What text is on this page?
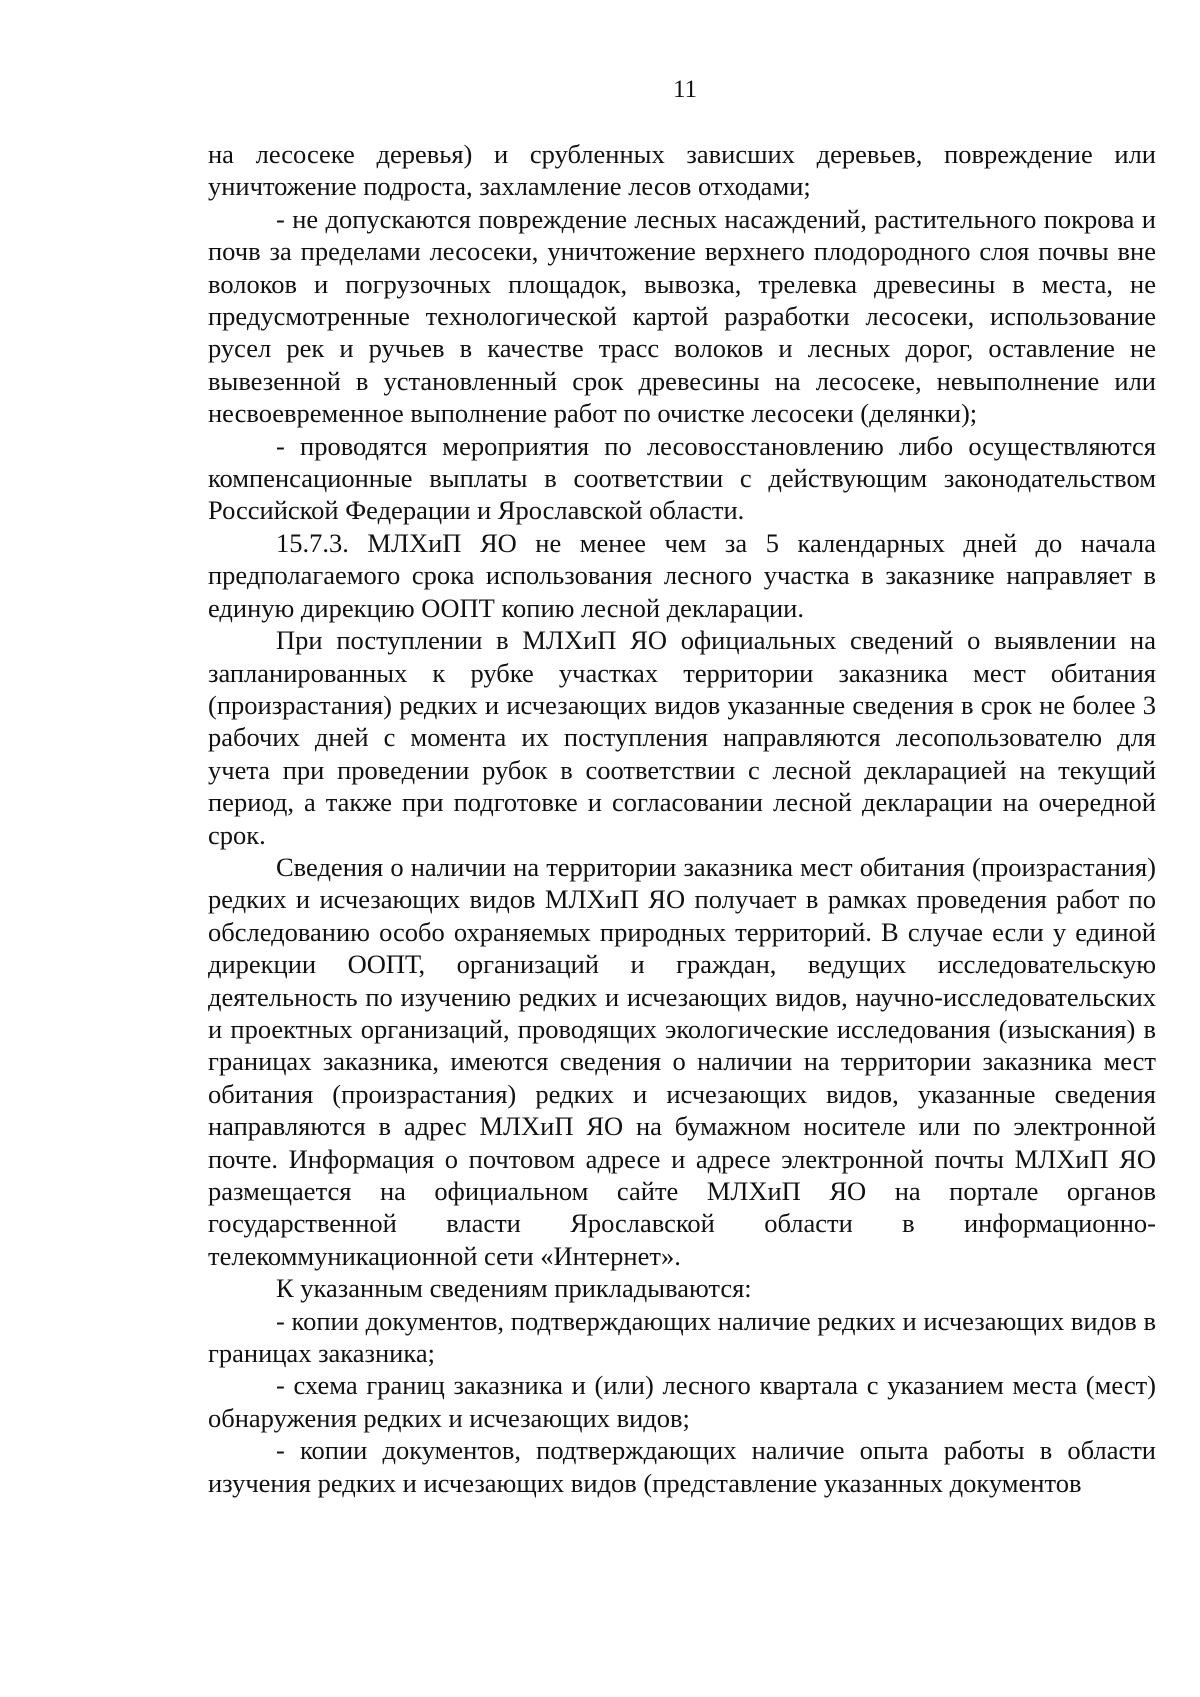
11

на лесосеке деревья) и срубленных зависших деревьев, повреждение или уничтожение подроста, захламление лесов отходами;

- не допускаются повреждение лесных насаждений, растительного покрова и почв за пределами лесосеки, уничтожение верхнего плодородного слоя почвы вне волоков и погрузочных площадок, вывозка, трелевка древесины в места, не предусмотренные технологической картой разработки лесосеки, использование русел рек и ручьев в качестве трасс волоков и лесных дорог, оставление не вывезенной в установленный срок древесины на лесосеке, невыполнение или несвоевременное выполнение работ по очистке лесосеки (делянки);

- проводятся мероприятия по лесовосстановлению либо осуществляются компенсационные выплаты в соответствии с действующим законодательством Российской Федерации и Ярославской области.

15.7.3. МЛХиП ЯО не менее чем за 5 календарных дней до начала предполагаемого срока использования лесного участка в заказнике направляет в единую дирекцию ООПТ копию лесной декларации.

При поступлении в МЛХиП ЯО официальных сведений о выявлении на запланированных к рубке участках территории заказника мест обитания (произрастания) редких и исчезающих видов указанные сведения в срок не более 3 рабочих дней с момента их поступления направляются лесопользователю для учета при проведении рубок в соответствии с лесной декларацией на текущий период, а также при подготовке и согласовании лесной декларации на очередной срок.

Сведения о наличии на территории заказника мест обитания (произрастания) редких и исчезающих видов МЛХиП ЯО получает в рамках проведения работ по обследованию особо охраняемых природных территорий. В случае если у единой дирекции ООПТ, организаций и граждан, ведущих исследовательскую деятельность по изучению редких и исчезающих видов, научно-исследовательских и проектных организаций, проводящих экологические исследования (изыскания) в границах заказника, имеются сведения о наличии на территории заказника мест обитания (произрастания) редких и исчезающих видов, указанные сведения направляются в адрес МЛХиП ЯО на бумажном носителе или по электронной почте. Информация о почтовом адресе и адресе электронной почты МЛХиП ЯО размещается на официальном сайте МЛХиП ЯО на портале органов государственной власти Ярославской области в информационно-телекоммуникационной сети «Интернет».

К указанным сведениям прикладываются:

- копии документов, подтверждающих наличие редких и исчезающих видов в границах заказника;

- схема границ заказника и (или) лесного квартала с указанием места (мест) обнаружения редких и исчезающих видов;

- копии документов, подтверждающих наличие опыта работы в области изучения редких и исчезающих видов (представление указанных документов
